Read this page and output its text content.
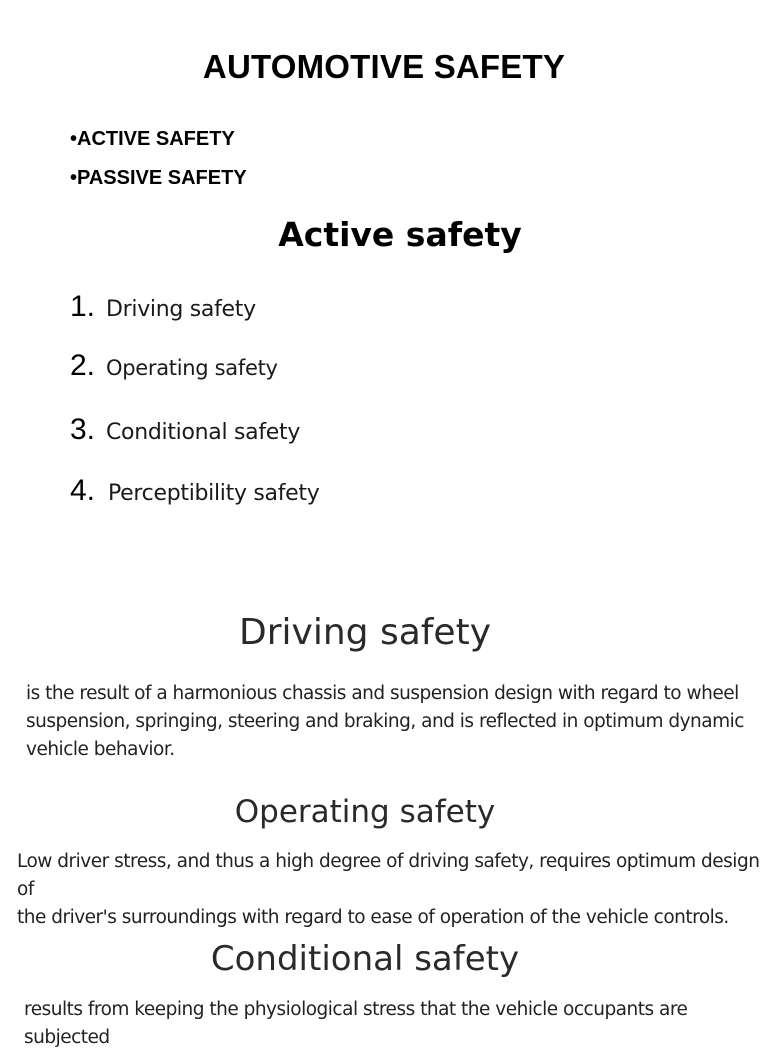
AUTOMOTIVE SAFETY
•ACTIVE SAFETY
•PASSIVE SAFETY
Active safety
1. Driving safety
2. Operating safety
3. Conditional safety
4. Perceptibility safety
Driving safety
is the result of a harmonious chassis and suspension design with regard to wheel
suspension, springing, steering and braking, and is reflected in optimum dynamic
vehicle behavior.
Operating safety
Low driver stress, and thus a high degree of driving safety, requires optimum design of
the driver's surroundings with regard to ease of operation of the vehicle controls.
Conditional safety
results from keeping the physiological stress that the vehicle occupants are subjected
